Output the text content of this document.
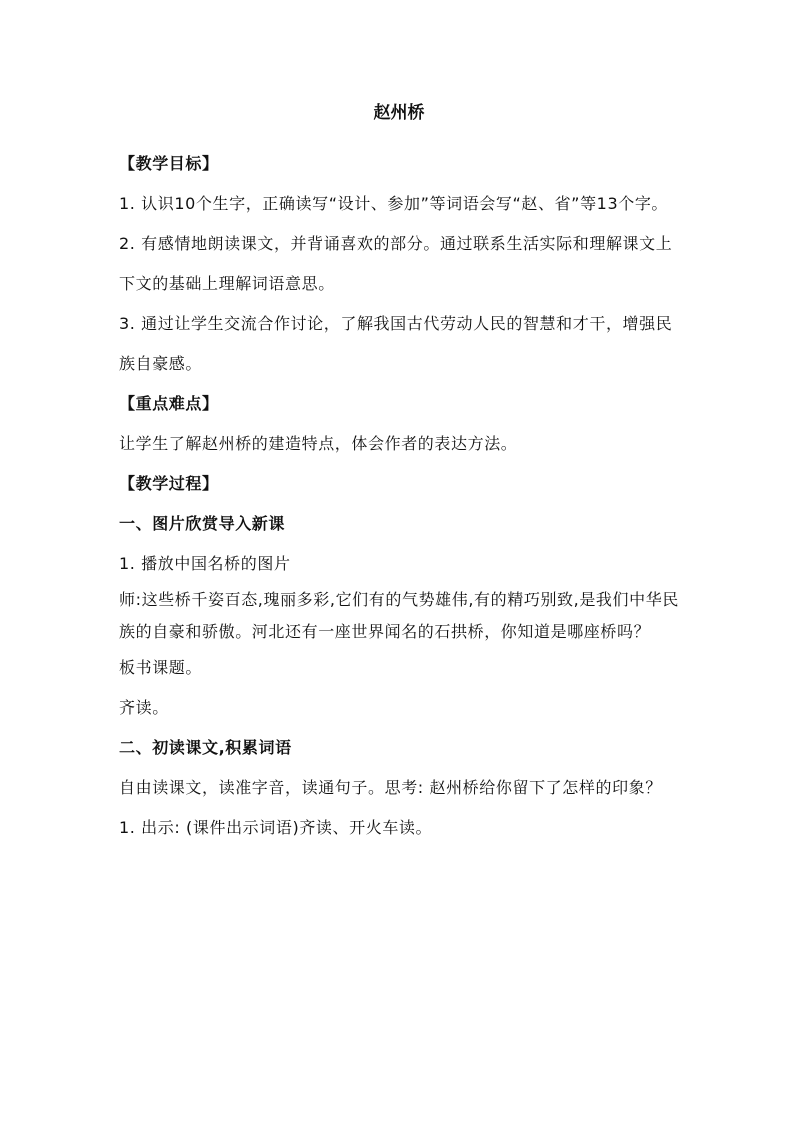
赵州桥
【教学目标】
1. 认识10个生字，正确读写“设计、参加”等词语会写“赵、省”等13个字。
2. 有感情地朗读课文，并背诵喜欢的部分。通过联系生活实际和理解课文上下文的基础上理解词语意思。
3. 通过让学生交流合作讨论，了解我国古代劳动人民的智慧和才干，增强民族自豪感。
【重点难点】
让学生了解赵州桥的建造特点，体会作者的表达方法。
【教学过程】
一、图片欣赏导入新课
1. 播放中国名桥的图片
师:这些桥千姿百态,瑰丽多彩,它们有的气势雄伟,有的精巧别致,是我们中华民族的自豪和骄傲。河北还有一座世界闻名的石拱桥，你知道是哪座桥吗？
板书课题。
齐读。
二、初读课文,积累词语
自由读课文，读准字音，读通句子。思考: 赵州桥给你留下了怎样的印象？
1. 出示: (课件出示词语)齐读、开火车读。
